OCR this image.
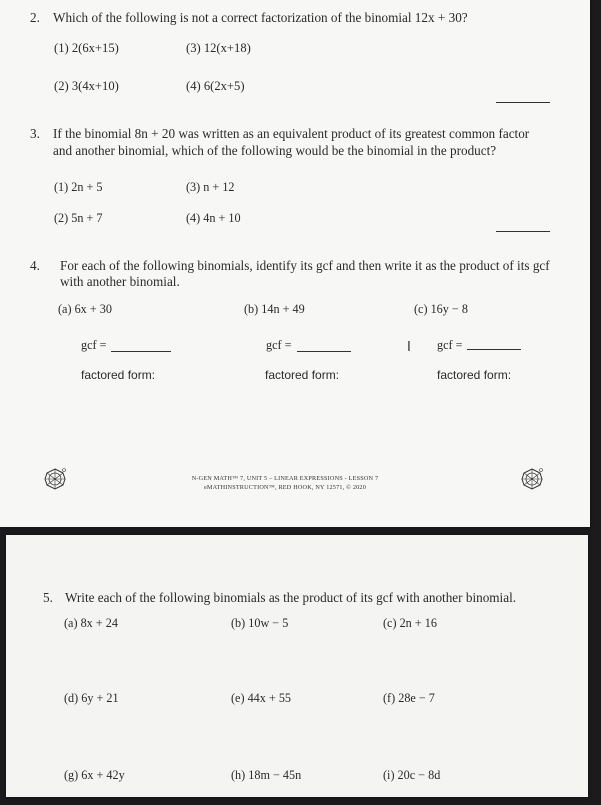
2. Which of the following is not a correct factorization of the binomial 12x + 30?
(1) 2(6x+15)	(3) 12(x+18)
(2) 3(4x+10)	(4) 6(2x+5)
3. If the binomial 8n + 20 was written as an equivalent product of its greatest common factor
and another binomial, which of the following would be the binomial in the product?
(1) 2n + 5	(3) n + 12
(2) 5n + 7	(4) 4n + 10
4. For each of the following binomials, identify its gcf and then write it as the product of its gcf
with another binomial.
(a) 6x + 30	(b) 14n + 49	(c) 16y − 8
gcf =	gcf =	Ι gcf =
factored form:	factored form:	factored form:
N-GEN MATH™ 7, UNIT 5 – LINEAR EXPRESSIONS - LESSON 7
eMATHINSTRUCTION™, RED HOOK, NY 12571, © 2020
5. Write each of the following binomials as the product of its gcf with another binomial.
(a) 8x + 24	(b) 10w − 5	(c) 2n + 16
(d) 6y + 21	(e) 44x + 55	(f) 28e − 7
(g) 6x + 42y	(h) 18m − 45n	(i) 20c − 8d
